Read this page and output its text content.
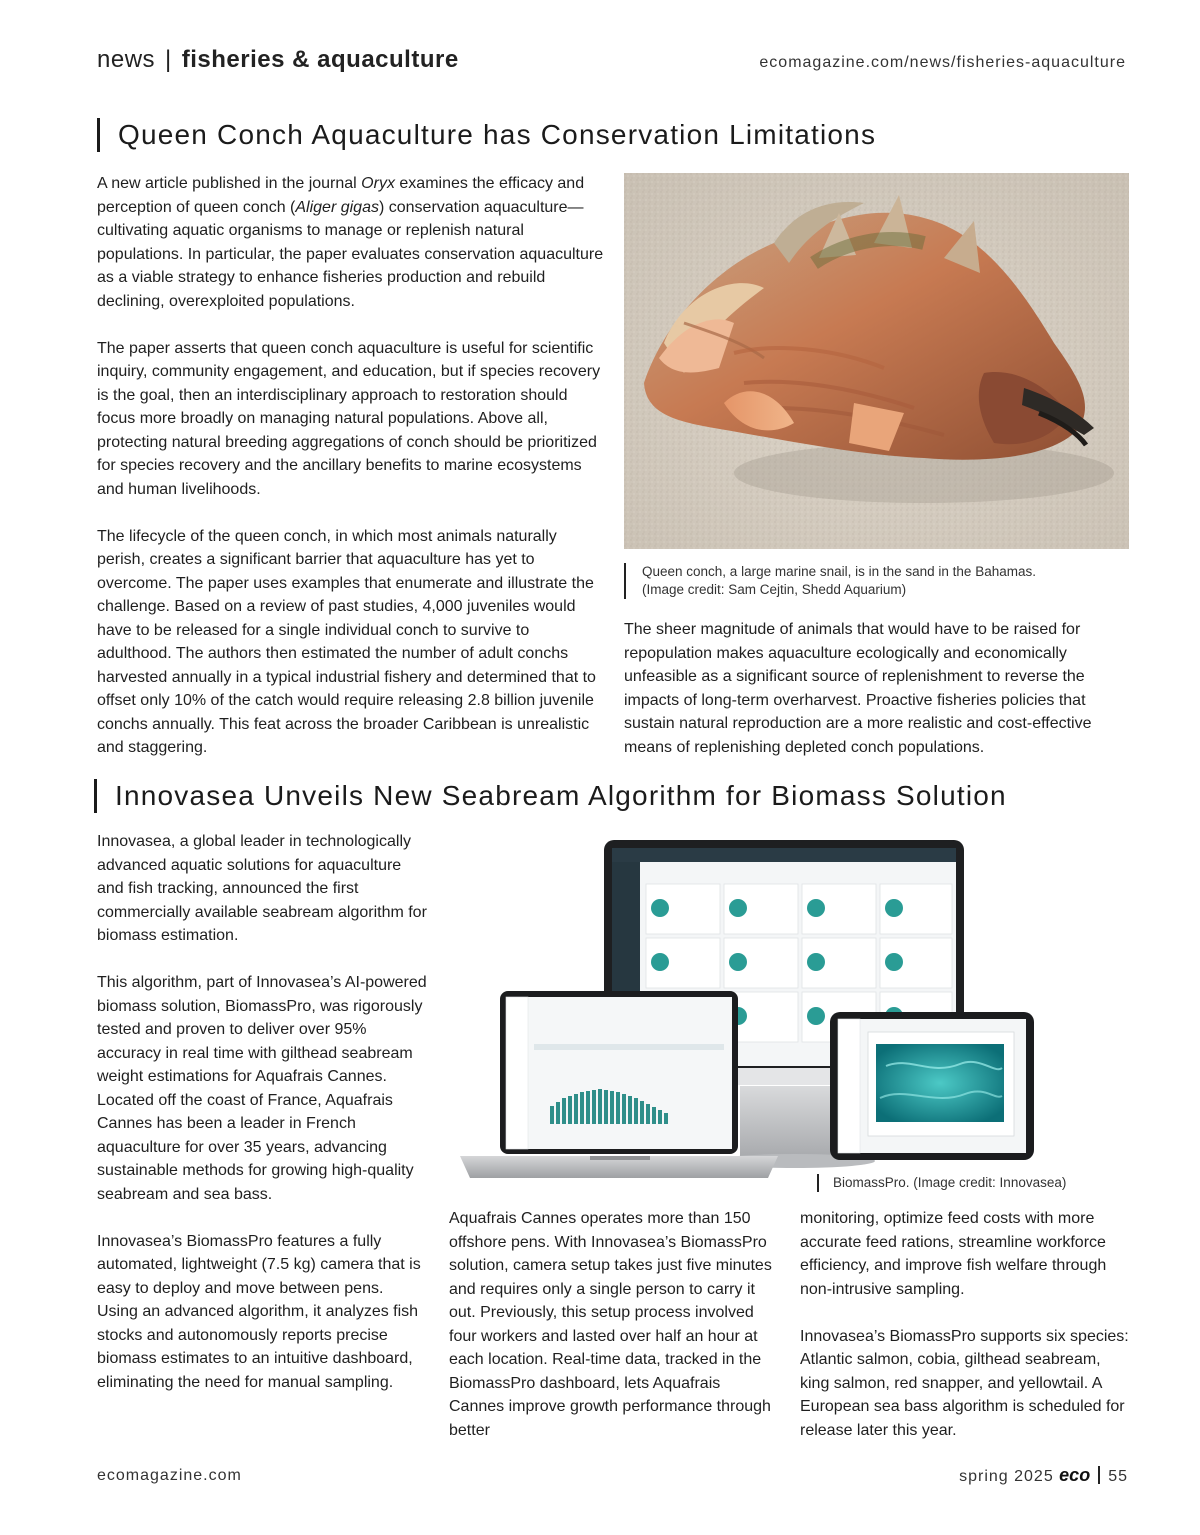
news | fisheries & aquaculture	ecomagazine.com/news/fisheries-aquaculture
Queen Conch Aquaculture has Conservation Limitations

A new article published in the journal Oryx examines the efficacy and perception of queen conch (Aliger gigas) conservation aquaculture—cultivating aquatic organisms to manage or replenish natural populations. In particular, the paper evaluates conservation aquaculture as a viable strategy to enhance fisheries production and rebuild declining, overexploited populations.

The paper asserts that queen conch aquaculture is useful for scientific inquiry, community engagement, and education, but if species recovery is the goal, then an interdisciplinary approach to restoration should focus more broadly on managing natural populations. Above all, protecting natural breeding aggregations of conch should be prioritized for species recovery and the ancillary benefits to marine ecosystems and human livelihoods.

The lifecycle of the queen conch, in which most animals naturally perish, creates a significant barrier that aquaculture has yet to overcome. The paper uses examples that enumerate and illustrate the challenge. Based on a review of past studies, 4,000 juveniles would have to be released for a single individual conch to survive to adulthood. The authors then estimated the number of adult conchs harvested annually in a typical industrial fishery and determined that to offset only 10% of the catch would require releasing 2.8 billion juvenile conchs annually. This feat across the broader Caribbean is unrealistic and staggering.

Queen conch, a large marine snail, is in the sand in the Bahamas. (Image credit: Sam Cejtin, Shedd Aquarium)

The sheer magnitude of animals that would have to be raised for repopulation makes aquaculture ecologically and economically unfeasible as a significant source of replenishment to reverse the impacts of long-term overharvest. Proactive fisheries policies that sustain natural reproduction are a more realistic and cost-effective means of replenishing depleted conch populations.

Innovasea Unveils New Seabream Algorithm for Biomass Solution

Innovasea, a global leader in technologically advanced aquatic solutions for aquaculture and fish tracking, announced the first commercially available seabream algorithm for biomass estimation.

This algorithm, part of Innovasea’s AI-powered biomass solution, BiomassPro, was rigorously tested and proven to deliver over 95% accuracy in real time with gilthead seabream weight estimations for Aquafrais Cannes. Located off the coast of France, Aquafrais Cannes has been a leader in French aquaculture for over 35 years, advancing sustainable methods for growing high-quality seabream and sea bass.

Innovasea’s BiomassPro features a fully automated, lightweight (7.5 kg) camera that is easy to deploy and move between pens. Using an advanced algorithm, it analyzes fish stocks and autonomously reports precise biomass estimates to an intuitive dashboard, eliminating the need for manual sampling.

BiomassPro. (Image credit: Innovasea)

Aquafrais Cannes operates more than 150 offshore pens. With Innovasea’s BiomassPro solution, camera setup takes just five minutes and requires only a single person to carry it out. Previously, this setup process involved four workers and lasted over half an hour at each location. Real-time data, tracked in the BiomassPro dashboard, lets Aquafrais Cannes improve growth performance through better

monitoring, optimize feed costs with more accurate feed rations, streamline workforce efficiency, and improve fish welfare through non-intrusive sampling.

Innovasea’s BiomassPro supports six species: Atlantic salmon, cobia, gilthead seabream, king salmon, red snapper, and yellowtail. A European sea bass algorithm is scheduled for release later this year.

ecomagazine.com	spring 2025 eco 55
